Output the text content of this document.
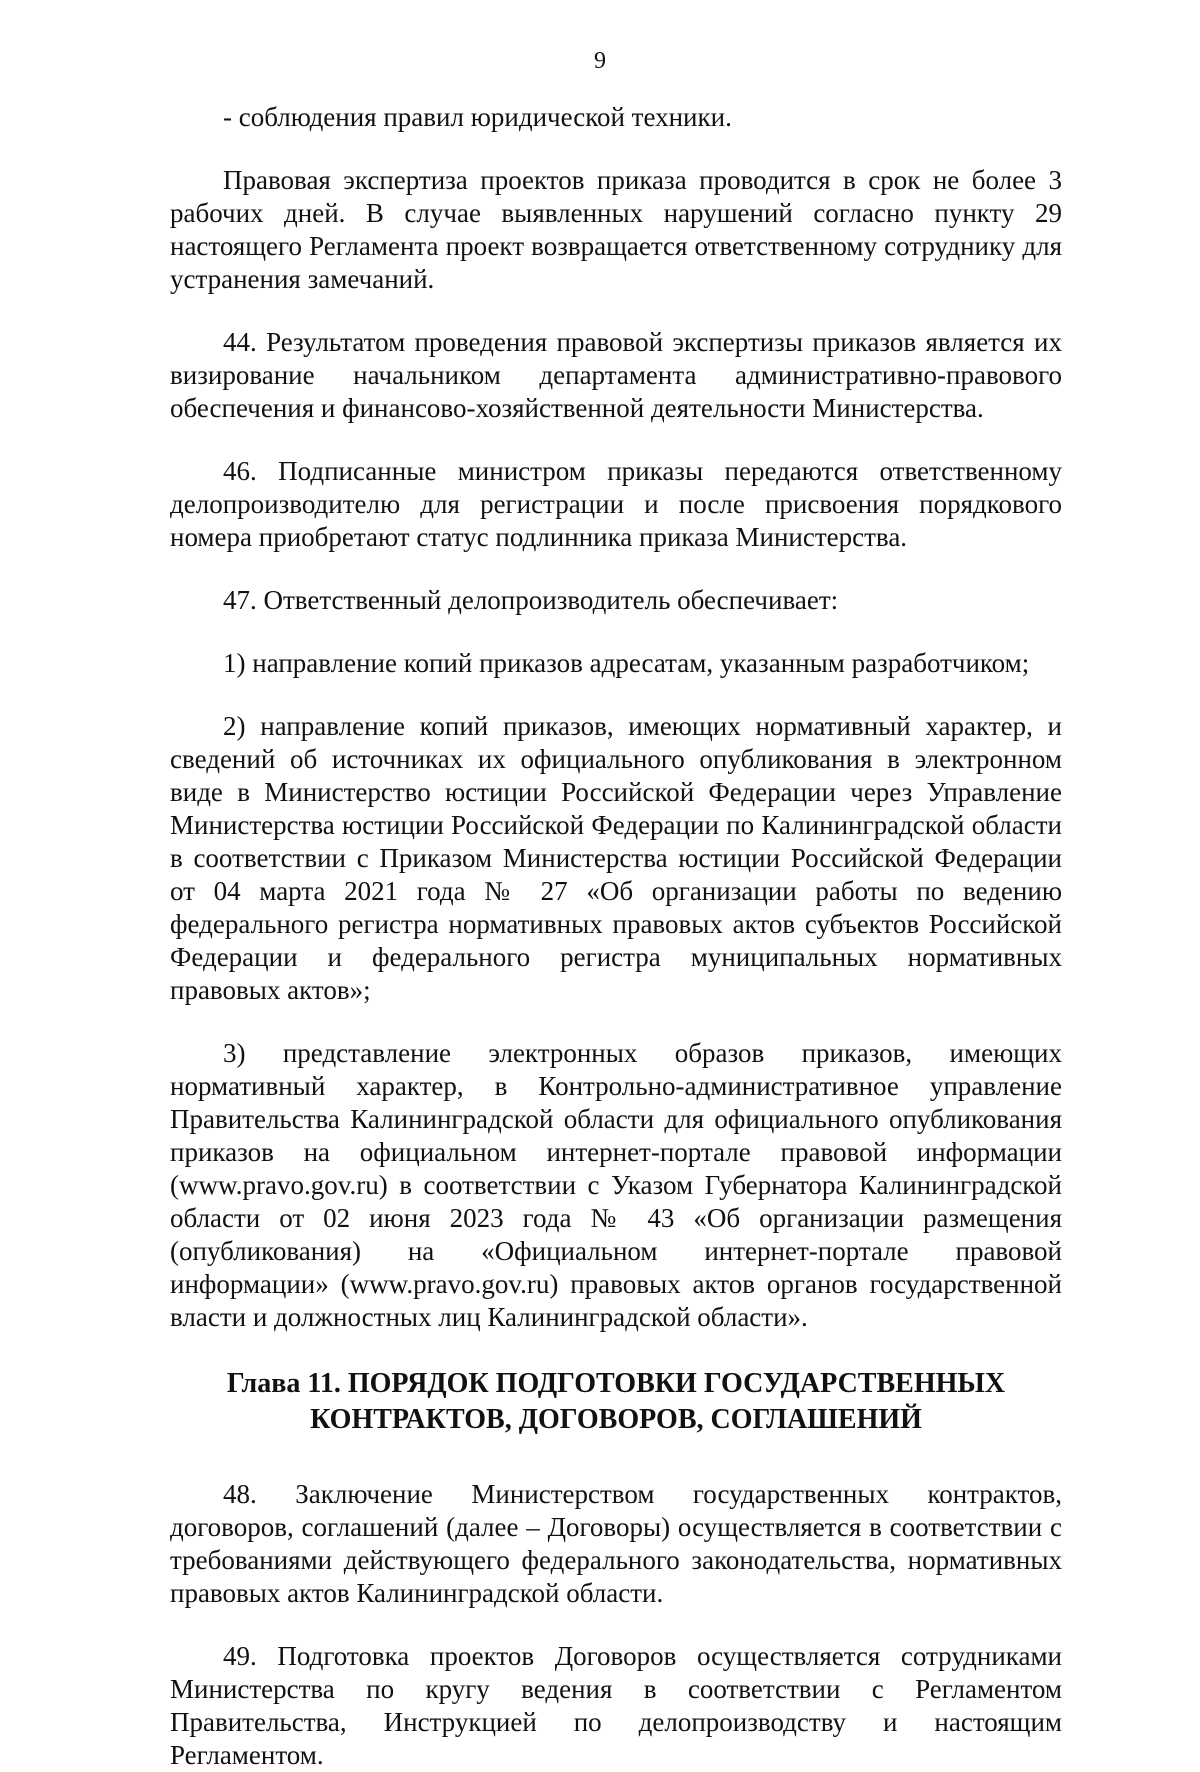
9

- соблюдения правил юридической техники.

Правовая экспертиза проектов приказа проводится в срок не более 3 рабочих дней. В случае выявленных нарушений согласно пункту 29 настоящего Регламента проект возвращается ответственному сотруднику для устранения замечаний.

44. Результатом проведения правовой экспертизы приказов является их визирование начальником департамента административно-правового обеспечения и финансово-хозяйственной деятельности Министерства.

46. Подписанные министром приказы передаются ответственному делопроизводителю для регистрации и после присвоения порядкового номера приобретают статус подлинника приказа Министерства.

47. Ответственный делопроизводитель обеспечивает:

1) направление копий приказов адресатам, указанным разработчиком;

2) направление копий приказов, имеющих нормативный характер, и сведений об источниках их официального опубликования в электронном виде в Министерство юстиции Российской Федерации через Управление Министерства юстиции Российской Федерации по Калининградской области в соответствии с Приказом Министерства юстиции Российской Федерации от 04 марта 2021 года № 27 «Об организации работы по ведению федерального регистра нормативных правовых актов субъектов Российской Федерации и федерального регистра муниципальных нормативных правовых актов»;

3) представление электронных образов приказов, имеющих нормативный характер, в Контрольно-административное управление Правительства Калининградской области для официального опубликования приказов на официальном интернет-портале правовой информации (www.pravo.gov.ru) в соответствии с Указом Губернатора Калининградской области от 02 июня 2023 года № 43 «Об организации размещения (опубликования) на «Официальном интернет-портале правовой информации» (www.pravo.gov.ru) правовых актов органов государственной власти и должностных лиц Калининградской области».

Глава 11. ПОРЯДОК ПОДГОТОВКИ ГОСУДАРСТВЕННЫХ
КОНТРАКТОВ, ДОГОВОРОВ, СОГЛАШЕНИЙ

48. Заключение Министерством государственных контрактов, договоров, соглашений (далее – Договоры) осуществляется в соответствии с требованиями действующего федерального законодательства, нормативных правовых актов Калининградской области.

49. Подготовка проектов Договоров осуществляется сотрудниками Министерства по кругу ведения в соответствии с Регламентом Правительства, Инструкцией по делопроизводству и настоящим Регламентом.
